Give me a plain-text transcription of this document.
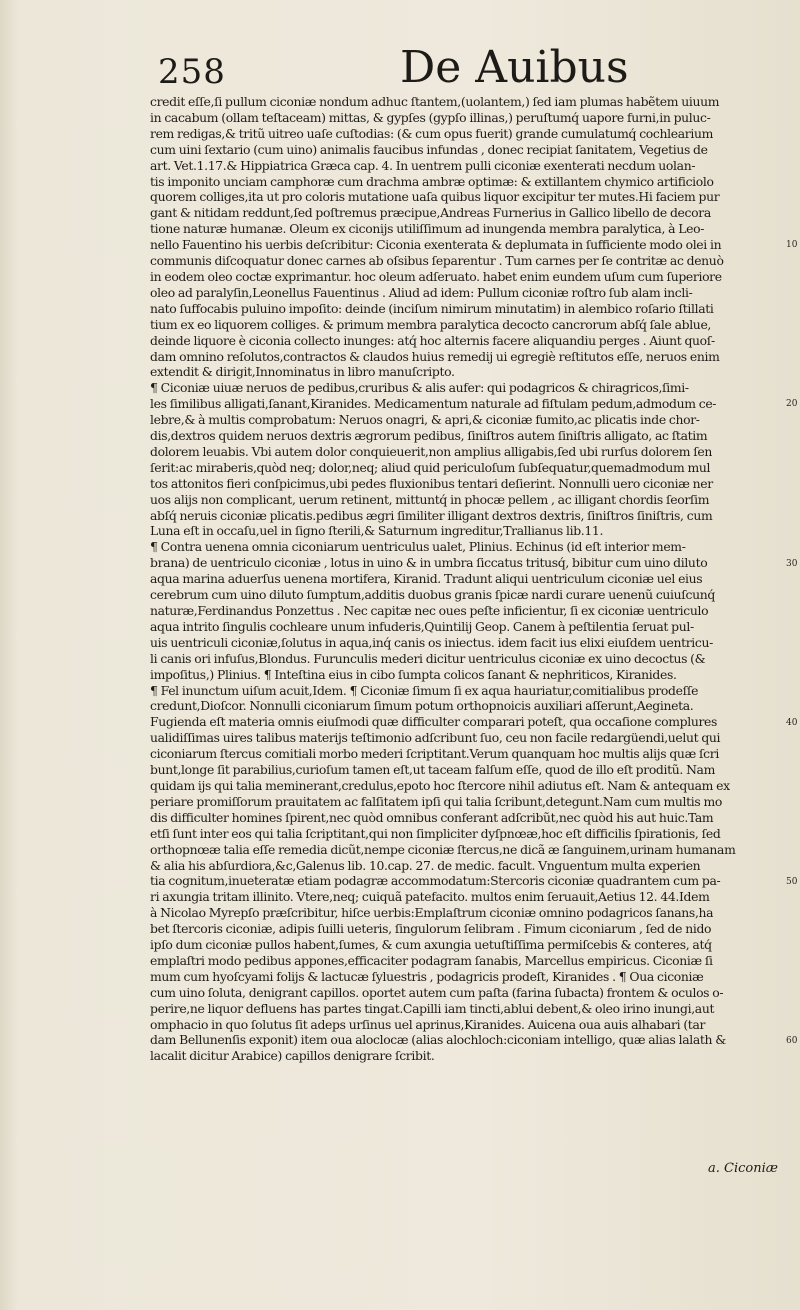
258	De Auibus
credit eſſe,ſi pullum ciconiæ nondum adhuc ſtantem,(uolantem,) ſed iam plumas habẽtem uiuum
in cacabum (ollam teſtaceam) mittas, & gypſes (gypſo illinas,) peruſtumq́ uapore furni,in puluc-
rem redigas,& tritũ uitreo uaſe cuſtodias: (& cum opus fuerit) grande cumulatumq́ cochlearium
cum uini ſextario (cum uino) animalis faucibus infundas , donec recipiat ſanitatem, Vegetius de
art. Vet.1.17.& Hippiatrica Græca cap. 4. In uentrem pulli ciconiæ exenterati necdum uolan-
tis imponito unciam camphoræ cum drachma ambræ optimæ: & extillantem chymico artificiolo
quorem colliges,ita ut pro coloris mutatione uaſa quibus liquor excipitur ter mutes.Hi faciem pur
gant & nitidam reddunt,ſed poſtremus præcipue,Andreas Furnerius in Gallico libello de decora
tione naturæ humanæ. Oleum ex ciconijs utiliſſimum ad inungenda membra paralytica, à Leo-
nello Fauentino his uerbis deſcribitur: Ciconia exenterata & deplumata in ſufficiente modo olei in
communis diſcoquatur donec carnes ab oſsibus ſeparentur . Tum carnes per ſe contritæ ac denuò
in eodem oleo coctæ exprimantur. hoc oleum adſeruato. habet enim eundem uſum cum ſuperiore
oleo ad paralyſin,Leonellus Fauentinus . Aliud ad idem: Pullum ciconiæ roſtro ſub alam incli-
nato ſuffocabis puluino impoſito: deinde (inciſum nimirum minutatim) in alembico roſario ſtillati
tium ex eo liquorem colliges. & primum membra paralytica decocto cancrorum abſq́ ſale ablue,
deinde liquore è ciconia collecto inunges: atq́ hoc alternis facere aliquandiu perges . Aiunt quoſ-
dam omnino reſolutos,contractos & claudos huius remedij ui egregiè reſtitutos eſſe, neruos enim
extendit & dirigit,Innominatus in libro manuſcripto.
¶ Ciconiæ uiuæ neruos de pedibus,cruribus & alis aufer: qui podagricos & chiragricos,ſimi-
les ſimilibus alligati,ſanant,Kiranides. Medicamentum naturale ad fiſtulam pedum,admodum ce-
lebre,& à multis comprobatum: Neruos onagri, & apri,& ciconiæ fumito,ac plicatis inde chor-
dis,dextros quidem neruos dextris ægrorum pedibus, ſiniſtros autem ſiniſtris alligato, ac ſtatim
dolorem leuabis. Vbi autem dolor conquieuerit,non amplius alligabis,ſed ubi rurſus dolorem ſen
ſerit:ac miraberis,quòd neq; dolor,neq; aliud quid periculoſum ſubſequatur,quemadmodum mul
tos attonitos fieri conſpicimus,ubi pedes fluxionibus tentari deſierint. Nonnulli uero ciconiæ ner
uos alijs non complicant, uerum retinent, mittuntq́ in phocæ pellem , ac illigant chordis ſeorſim
abſq́ neruis ciconiæ plicatis.pedibus ægri ſimiliter illigant dextros dextris, ſiniſtros ſiniſtris, cum
Luna eſt in occaſu,uel in ſigno ſterili,& Saturnum ingreditur,Trallianus lib.11.
¶ Contra uenena omnia ciconiarum uentriculus ualet, Plinius. Echinus (id eſt interior mem-
brana) de uentriculo ciconiæ , lotus in uino & in umbra ſiccatus tritusq́, bibitur cum uino diluto
aqua marina aduerſus uenena mortifera, Kiranid. Tradunt aliqui uentriculum ciconiæ uel eius
cerebrum cum uino diluto ſumptum,additis duobus granis ſpicæ nardi curare uenenũ cuiuſcunq́
naturæ,Ferdinandus Ponzettus . Nec capitæ nec oues peſte inficientur, ſi ex ciconiæ uentriculo
aqua intrito ſingulis cochleare unum infuderis,Quintilij Geop. Canem à peſtilentia ſeruat pul-
uis uentriculi ciconiæ,ſolutus in aqua,inq́ canis os iniectus. idem facit ius elixi eiuſdem uentricu-
li canis ori infuſus,Blondus. Furunculis mederi dicitur uentriculus ciconiæ ex uino decoctus (&
impoſitus,) Plinius. ¶ Inteſtina eius in cibo ſumpta colicos ſanant & nephriticos, Kiranides.
¶ Fel inunctum uiſum acuit,Idem. ¶ Ciconiæ ſimum ſi ex aqua hauriatur,comitialibus prodeſſe
credunt,Dioſcor. Nonnulli ciconiarum ſimum potum orthopnoicis auxiliari aſſerunt,Aegineta.
Fugienda eſt materia omnis eiuſmodi quæ difficulter comparari poteſt, qua occaſione complures
ualidiſſimas uires talibus materijs teſtimonio adſcribunt ſuo, ceu non facile redargüendi,uelut qui
ciconiarum ſtercus comitiali morbo mederi ſcriptitant.Verum quanquam hoc multis alijs quæ ſcri
bunt,longe ſit parabilius,curioſum tamen eſt,ut taceam falſum eſſe, quod de illo eſt proditũ. Nam
quidam ijs qui talia meminerant,credulus,epoto hoc ſtercore nihil adiutus eſt. Nam & antequam ex
periare promiſſorum prauitatem ac falſitatem ipſi qui talia ſcribunt,detegunt.Nam cum multis mo
dis difficulter homines ſpirent,nec quòd omnibus conferant adſcribũt,nec quòd his aut huic.Tam
etſi ſunt inter eos qui talia ſcriptitant,qui non ſimpliciter dyſpnœæ,hoc eſt difficilis ſpirationis, ſed
orthopnœæ talia eſſe remedia dicũt,nempe ciconiæ ſtercus,ne dicã æ ſanguinem,urinam humanam
& alia his abſurdiora,&c,Galenus lib. 10.cap. 27. de medic. facult. Vnguentum multa experien
tia cognitum,inueteratæ etiam podagræ accommodatum:Stercoris ciconiæ quadrantem cum pa-
ri axungia tritam illinito. Vtere,neq; cuiquã patefacito. multos enim ſeruauit,Aetius 12. 44.Idem
à Nicolao Myrepſo præſcribitur, hiſce uerbis:Emplaſtrum ciconiæ omnino podagricos ſanans,ha
bet ſtercoris ciconiæ, adipis ſuilli ueteris, ſingulorum ſelibram . Fimum ciconiarum , ſed de nido
ipſo dum ciconiæ pullos habent,ſumes, & cum axungia uetuſtiſſima permiſcebis & conteres, atq́
emplaſtri modo pedibus appones,efficaciter podagram ſanabis, Marcellus empiricus. Ciconiæ ſi
mum cum hyoſcyami folijs & lactucæ ſyluestris , podagricis prodeſt, Kiranides . ¶ Oua ciconiæ
cum uino ſoluta, denigrant capillos. oportet autem cum paſta (farina ſubacta) frontem & oculos o-
perire,ne liquor defluens has partes tingat.Capilli iam tincti,ablui debent,& oleo irino inungi,aut
omphacio in quo ſolutus ſit adeps urſinus uel aprinus,Kiranides. Auicena oua auis alhabari (tar
dam Bellunenſis exponit) item oua aloclocæ (alias alochloch:ciconiam intelligo, quæ alias lalath &
lacalit dicitur Arabice) capillos denigrare ſcribit.
a. Ciconiæ
10
20
30
40
50
60
